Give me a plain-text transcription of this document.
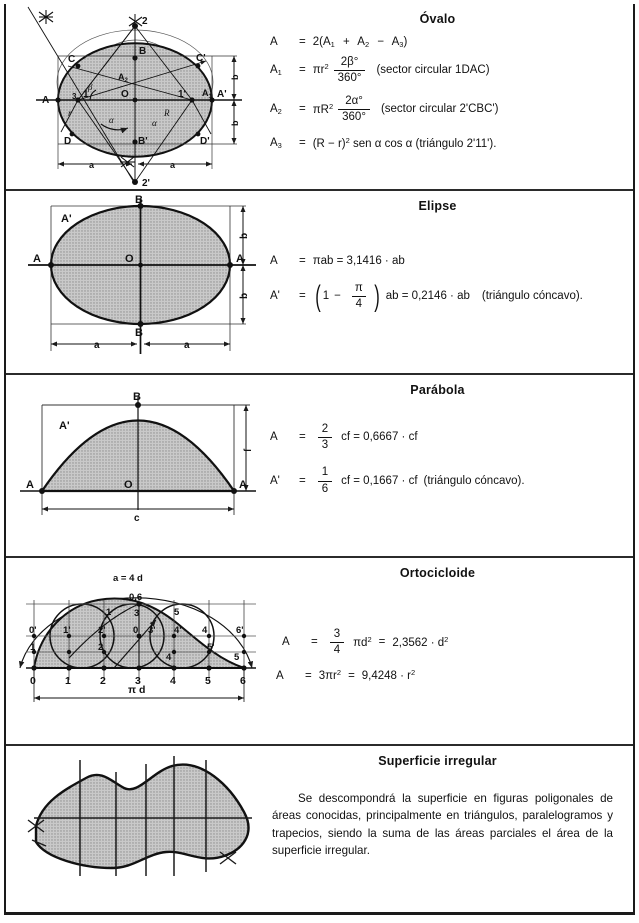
A
A'
B
B'
C	C'
D	D'
O
1	1'
2
2'
$A_1$
$A_2$
3
β
α	α
r	R
a	a
b
b
Óvalo
A	= $2(A_1 + A_2 - A_3)$
$A_1$	= $\pi r^2 \frac{2\beta^\circ}{360^\circ}$ (sector circular 1DAC)
$A_2$	= $\pi R^2 \frac{2\alpha^\circ}{360^\circ}$ (sector circular 2'CBC')
$A_3$	= $(R - r)^2$ sen α cos α (triángulo 2'11').
A	A
B
B
O
A'
a	a
b
b
Elipse
A	= πab = 3,1416 · ab
A'	= ( $1 - \frac{\pi}{4}$ ) ab = 0,2146 · ab (triángulo cóncavo).
A	A
B
O
A'
c
f
Parábola
A	= $\frac{2}{3}$ cf = 0,6667 · cf
A'	= $\frac{1}{6}$ cf = 0,1667 · cf (triángulo cóncavo).
a = 4 d
0,6
3
1	5
0'	1'	2'	0 3' 4' 4	6'
1	2	5'
4	5
0	1	2	3	4	5	6
π d
Ortocicloide
A	= $\frac{3}{4} \pi d^2 = 2,3562 \cdot d^2$
A	= $3\pi r^2 = 9,4248 \cdot r^2$
Superficie irregular

Se descompondrá la superficie en figuras poligonales de áreas conocidas, principalmente en triángulos, paralelogramos y trapecios, siendo la suma de las áreas parciales el área de la superficie irregular.
